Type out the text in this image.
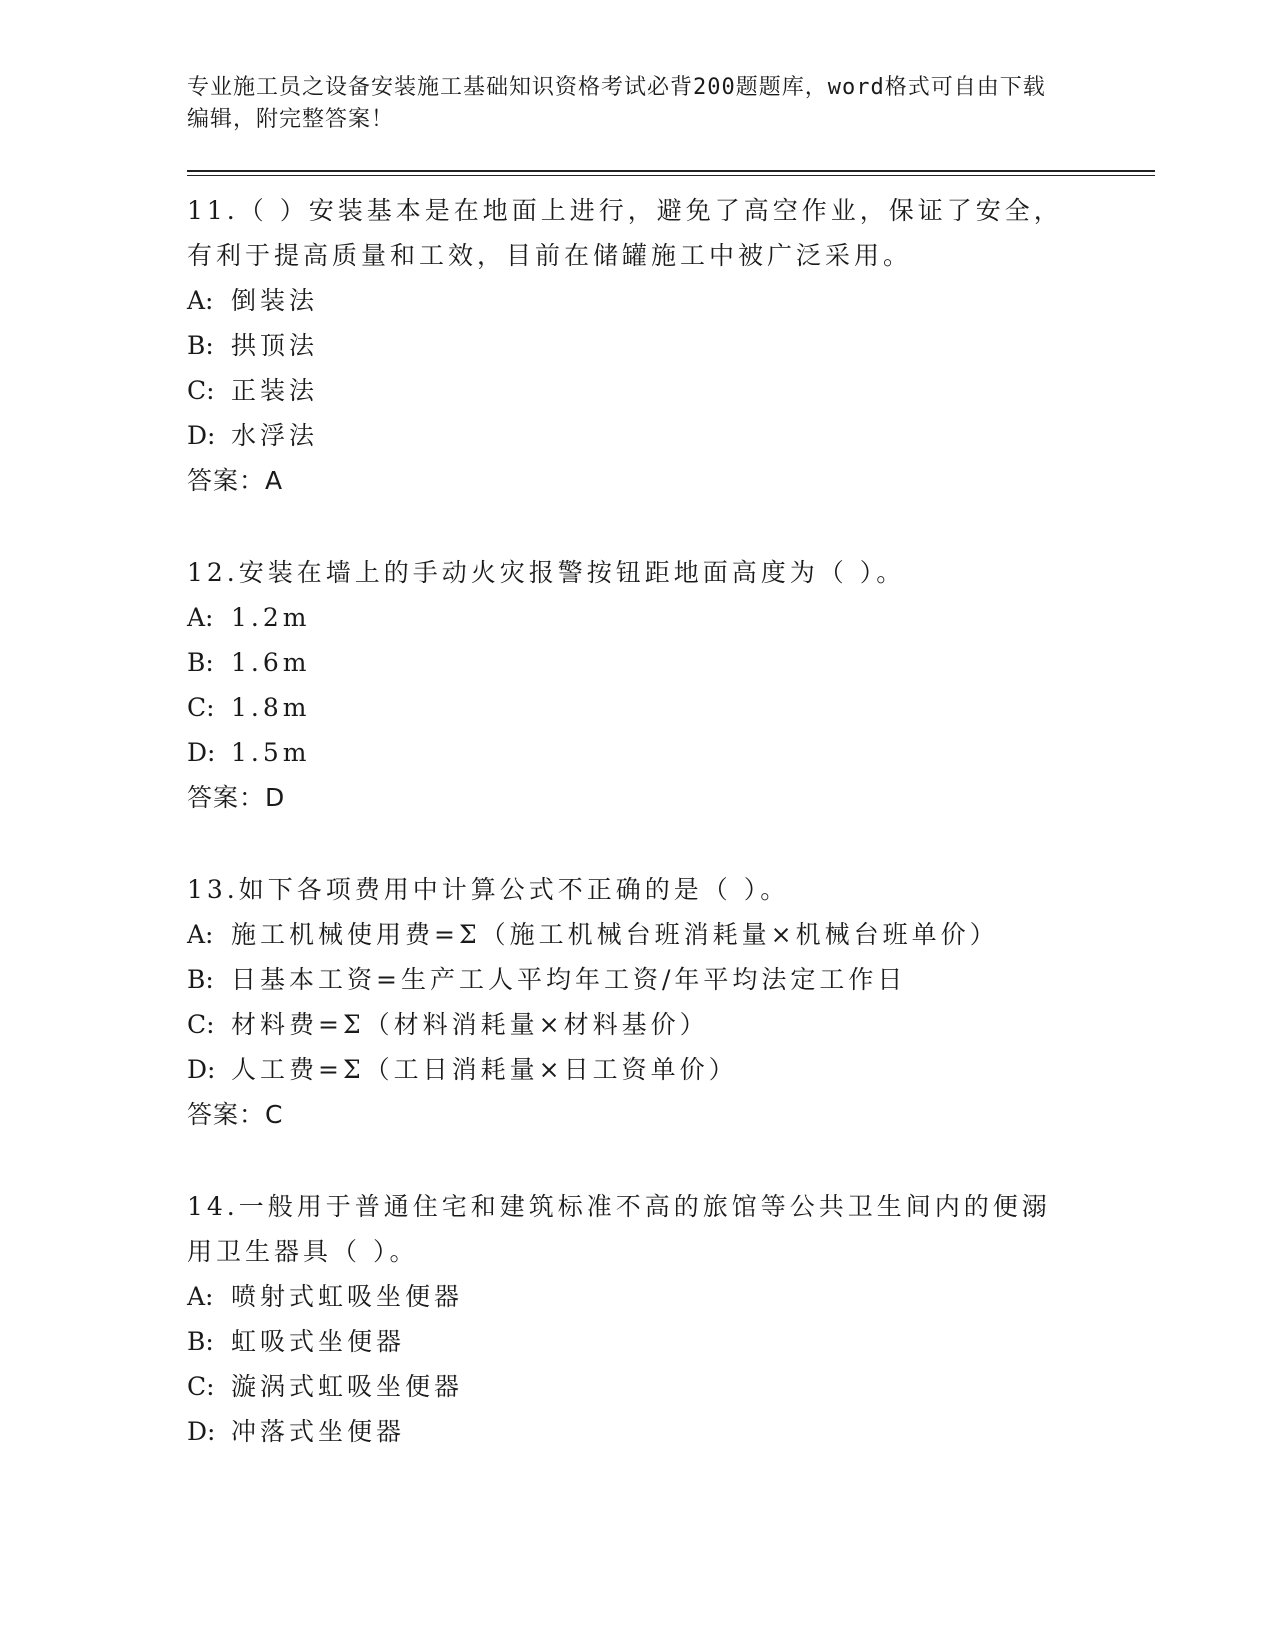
专业施工员之设备安装施工基础知识资格考试必背200题题库，word格式可自由下载编辑，附完整答案！

11.（ ）安装基本是在地面上进行，避免了高空作业，保证了安全，有利于提高质量和工效，目前在储罐施工中被广泛采用。

A: 倒装法

B: 拱顶法

C: 正装法

D: 水浮法

答案：A

12.安装在墙上的手动火灾报警按钮距地面高度为（ ）。

A: 1.2m

B: 1.6m

C: 1.8m

D: 1.5m

答案：D

13.如下各项费用中计算公式不正确的是（ ）。

A: 施工机械使用费=Σ（施工机械台班消耗量×机械台班单价）

B: 日基本工资=生产工人平均年工资/年平均法定工作日

C: 材料费=Σ（材料消耗量×材料基价）

D: 人工费=Σ（工日消耗量×日工资单价）

答案：C

14.一般用于普通住宅和建筑标准不高的旅馆等公共卫生间内的便溺用卫生器具（ ）。

A: 喷射式虹吸坐便器

B: 虹吸式坐便器

C: 漩涡式虹吸坐便器

D: 冲落式坐便器
